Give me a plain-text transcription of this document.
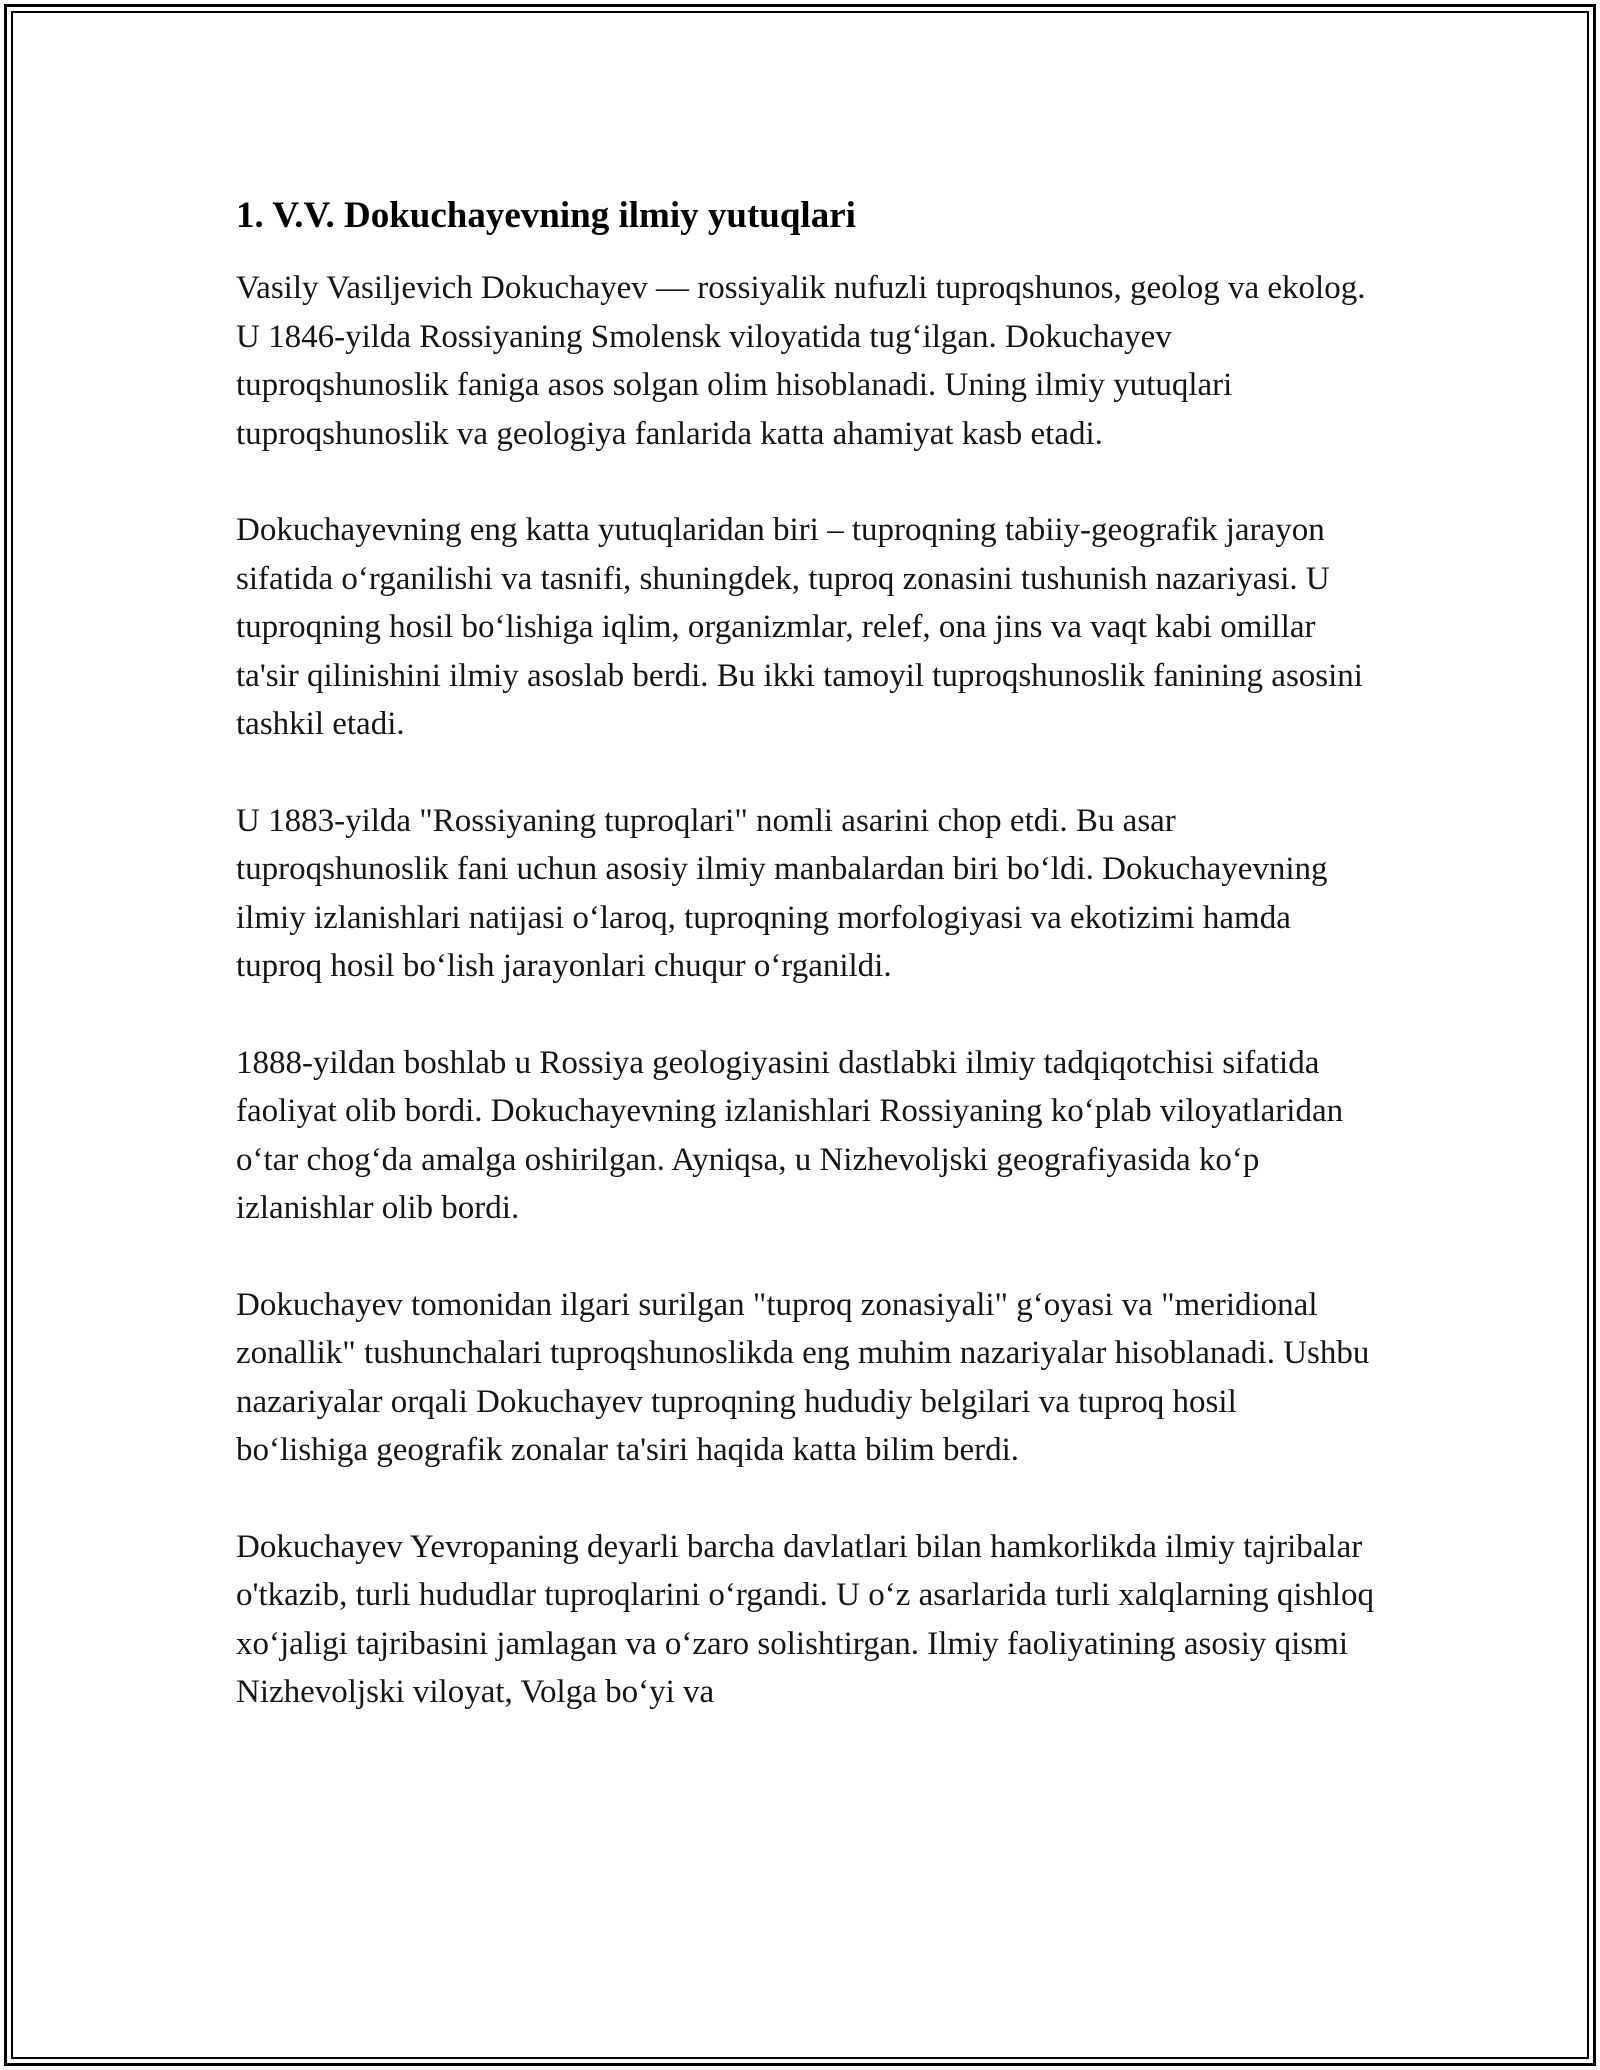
1. V.V. Dokuchayevning ilmiy yutuqlari

Vasily Vasiljevich Dokuchayev — rossiyalik nufuzli tuproqshunos, geolog va ekolog. U 1846-yilda Rossiyaning Smolensk viloyatida tugʻilgan. Dokuchayev tuproqshunoslik faniga asos solgan olim hisoblanadi. Uning ilmiy yutuqlari tuproqshunoslik va geologiya fanlarida katta ahamiyat kasb etadi.

Dokuchayevning eng katta yutuqlaridan biri – tuproqning tabiiy-geografik jarayon sifatida oʻrganilishi va tasnifi, shuningdek, tuproq zonasini tushunish nazariyasi. U tuproqning hosil boʻlishiga iqlim, organizmlar, relef, ona jins va vaqt kabi omillar ta'sir qilinishini ilmiy asoslab berdi. Bu ikki tamoyil tuproqshunoslik fanining asosini tashkil etadi.

U 1883-yilda "Rossiyaning tuproqlari" nomli asarini chop etdi. Bu asar tuproqshunoslik fani uchun asosiy ilmiy manbalardan biri boʻldi. Dokuchayevning ilmiy izlanishlari natijasi oʻlaroq, tuproqning morfologiyasi va ekotizimi hamda tuproq hosil boʻlish jarayonlari chuqur oʻrganildi.

1888-yildan boshlab u Rossiya geologiyasini dastlabki ilmiy tadqiqotchisi sifatida faoliyat olib bordi. Dokuchayevning izlanishlari Rossiyaning koʻplab viloyatlaridan oʻtar chogʻda amalga oshirilgan. Ayniqsa, u Nizhevoljski geografiyasida koʻp izlanishlar olib bordi.

Dokuchayev tomonidan ilgari surilgan "tuproq zonasiyali" gʻoyasi va "meridional zonallik" tushunchalari tuproqshunoslikda eng muhim nazariyalar hisoblanadi. Ushbu nazariyalar orqali Dokuchayev tuproqning hududiy belgilari va tuproq hosil boʻlishiga geografik zonalar ta'siri haqida katta bilim berdi.

Dokuchayev Yevropaning deyarli barcha davlatlari bilan hamkorlikda ilmiy tajribalar o'tkazib, turli hududlar tuproqlarini oʻrgandi. U oʻz asarlarida turli xalqlarning qishloq xoʻjaligi tajribasini jamlagan va oʻzaro solishtirgan. Ilmiy faoliyatining asosiy qismi Nizhevoljski viloyat, Volga boʻyi va
